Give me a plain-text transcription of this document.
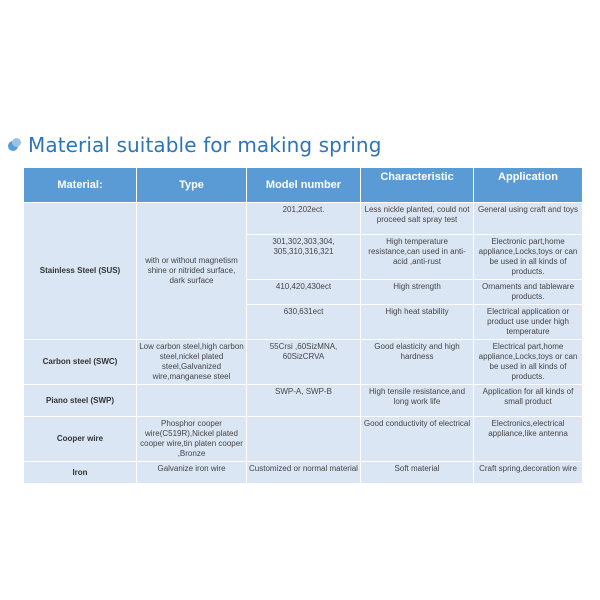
Material suitable for making spring
Material:	Type	Model number	Characteristic	Application
Stainless Steel (SUS)	with or without magnetism shine or nitrided surface, dark surface	201,202ect.	Less nickle planted, could not proceed salt spray test	General using craft and toys
		301,302,303,304, 305,310,316,321	High temperature resistance,can used in anti-acid ,anti-rust	Electronic part,home appliance,Locks,toys or can be used in all kinds of products.
		410,420,430ect	High strength	Ornaments and tableware products.
		630,631ect	High heat stability	Electrical application or product use under high temperature
Carbon steel (SWC)	Low carbon steel,high carbon steel,nickel plated steel,Galvanized wire,manganese steel	55Crsi ,60SizMNA, 60SizCRVA	Good elasticity and high hardness	Electrical part,home appliance,Locks,toys or can be used in all kinds of products.
Piano steel (SWP)		SWP-A, SWP-B	High tensile resistance,and long work life	Application for all kinds of small product
Cooper wire	Phosphor cooper wire(C519R),Nickel plated cooper wire,tin platen cooper ,Bronze		Good conductivity of electrical	Electronics,electrical appliance,like antenna
Iron	Galvanize iron wire	Customized or normal material	Soft material	Craft spring,decoration wire
